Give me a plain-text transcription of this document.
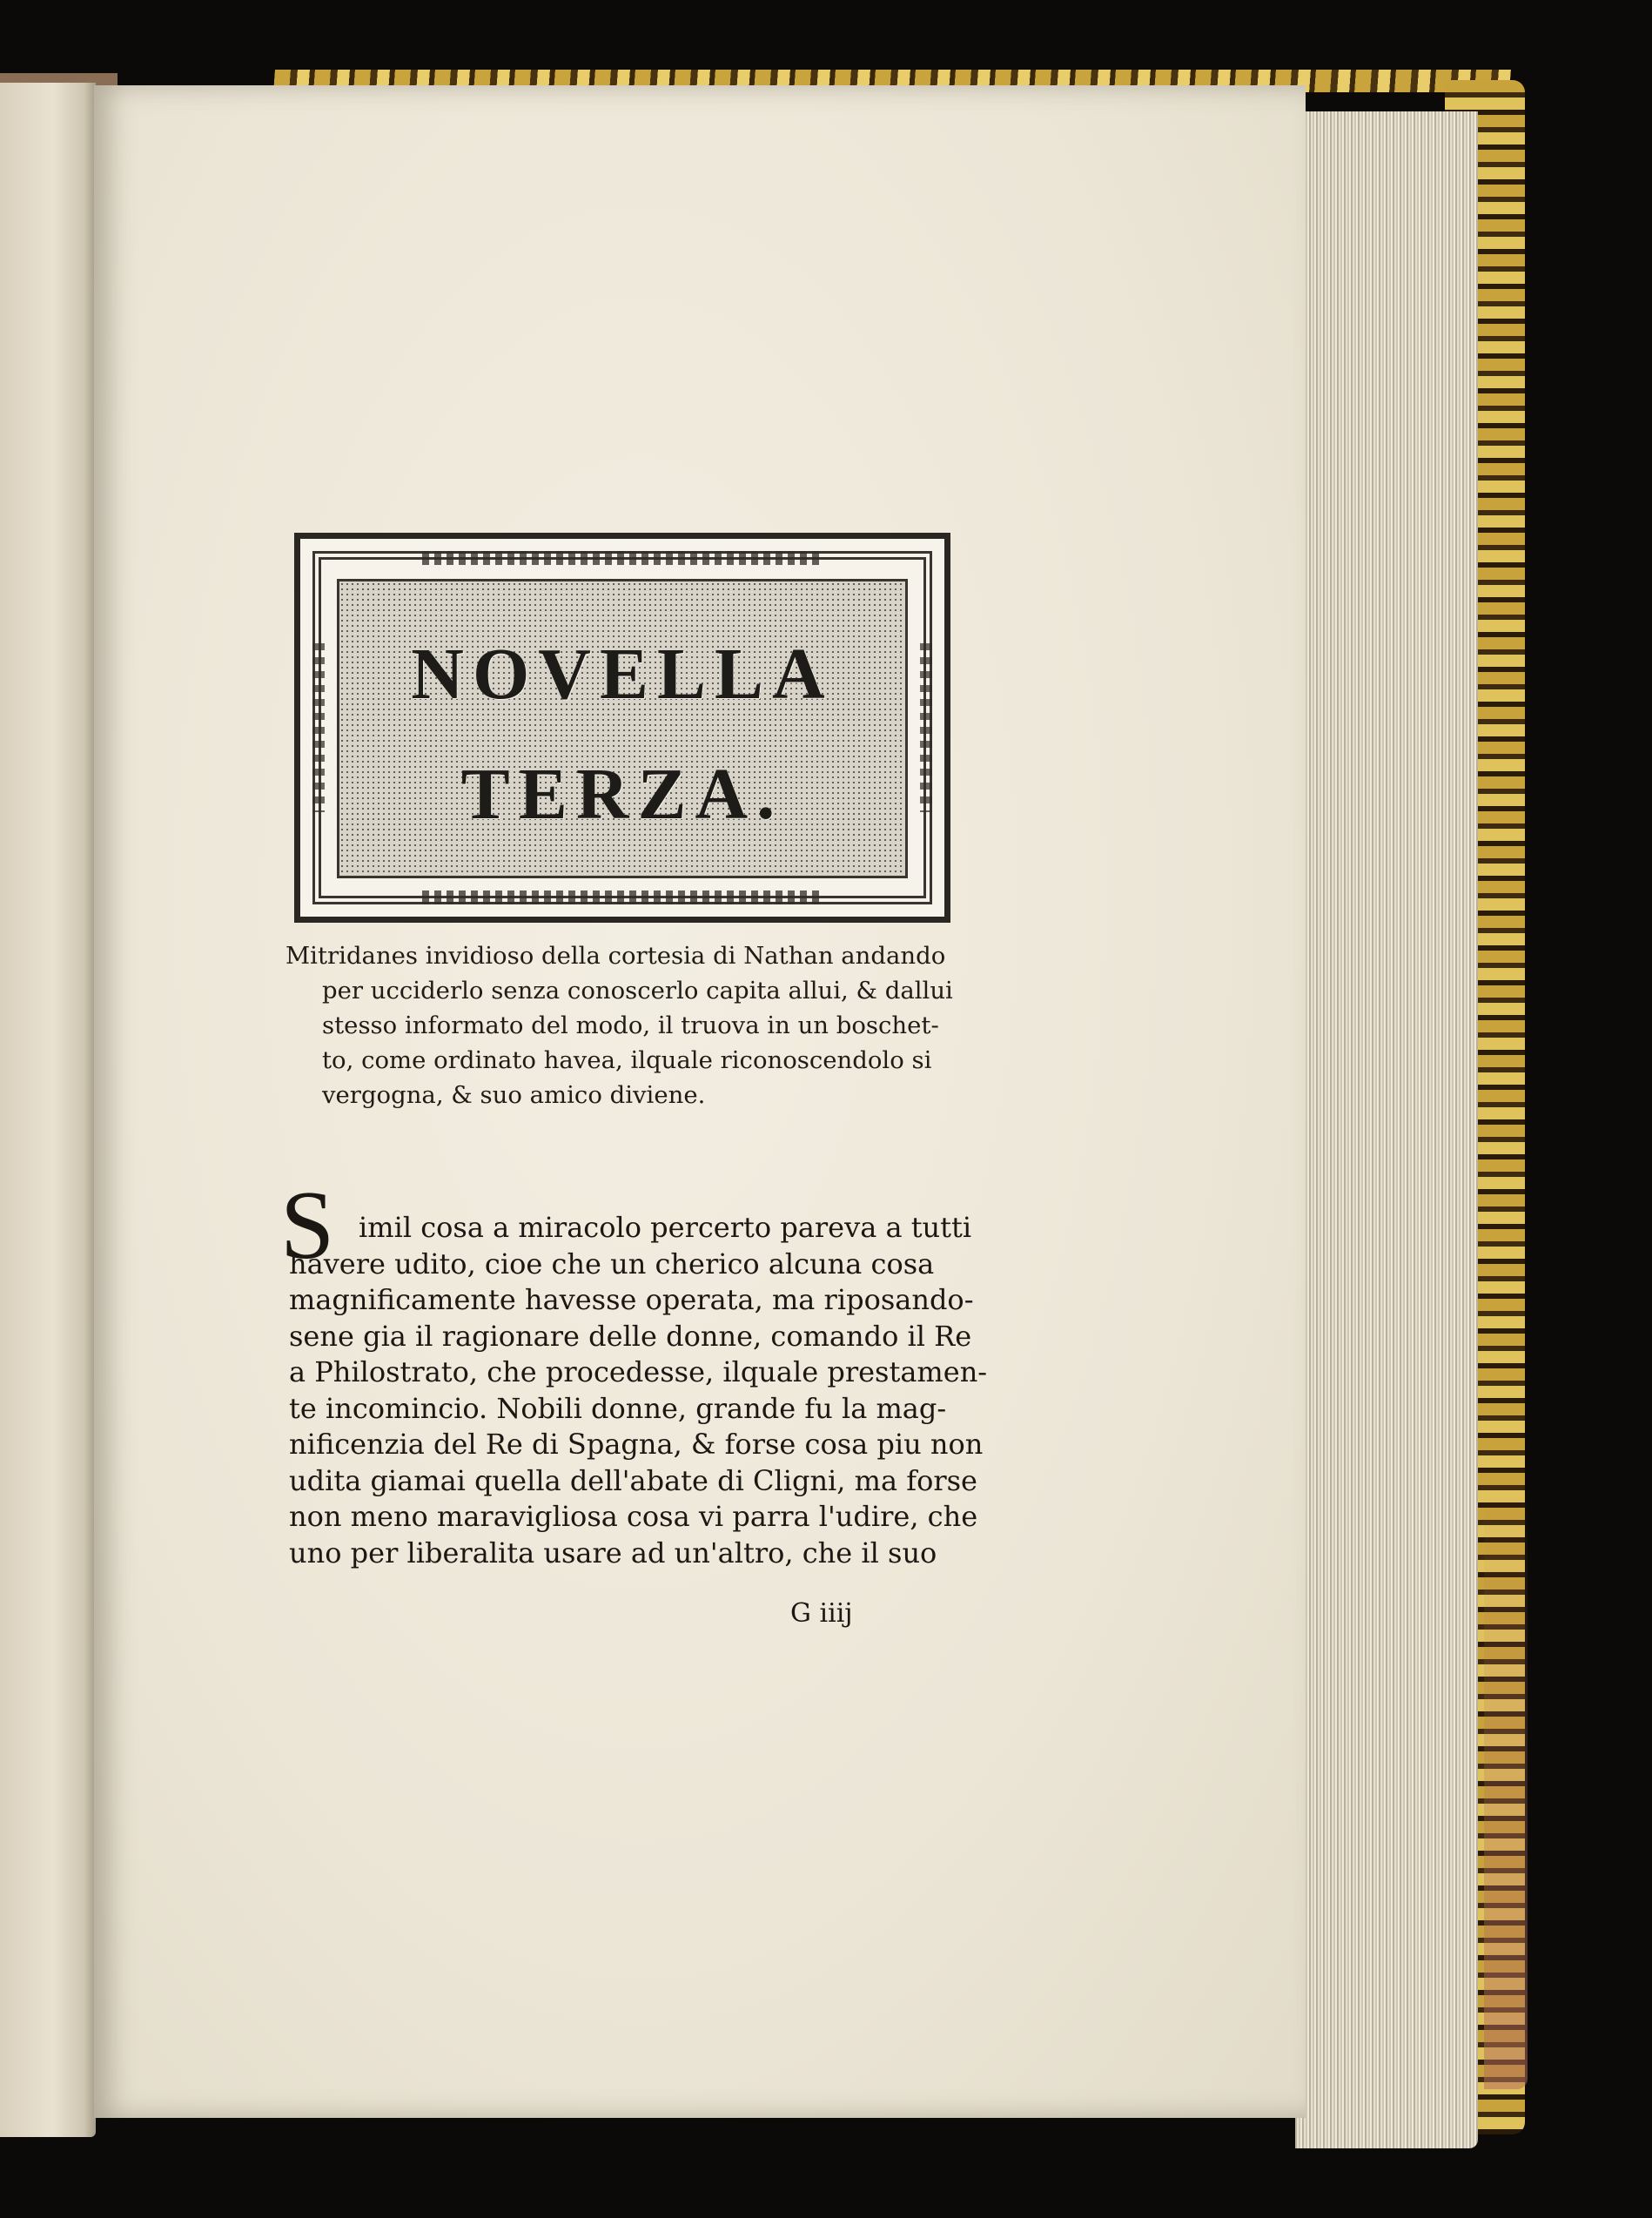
NOVELLA
TERZA.
Mitridanes invidioso della cortesia di Nathan andando
per ucciderlo senza conoscerlo capita allui, & dallui
stesso informato del modo, il truova in un boschet-
to, come ordinato havea, ilquale riconoscendolo si
vergogna, & suo amico diviene.
S imil cosa a miracolo percerto pareva a tutti
havere udito, cioe che un cherico alcuna cosa
magnificamente havesse operata, ma riposando-
sene gia il ragionare delle donne, comando il Re
a Philostrato, che procedesse, ilquale prestamen-
te incomincio. Nobili donne, grande fu la mag-
nificenzia del Re di Spagna, & forse cosa piu non
udita giamai quella dell'abate di Cligni, ma forse
non meno maravigliosa cosa vi parra l'udire, che
uno per liberalita usare ad un'altro, che il suo
G iiij
